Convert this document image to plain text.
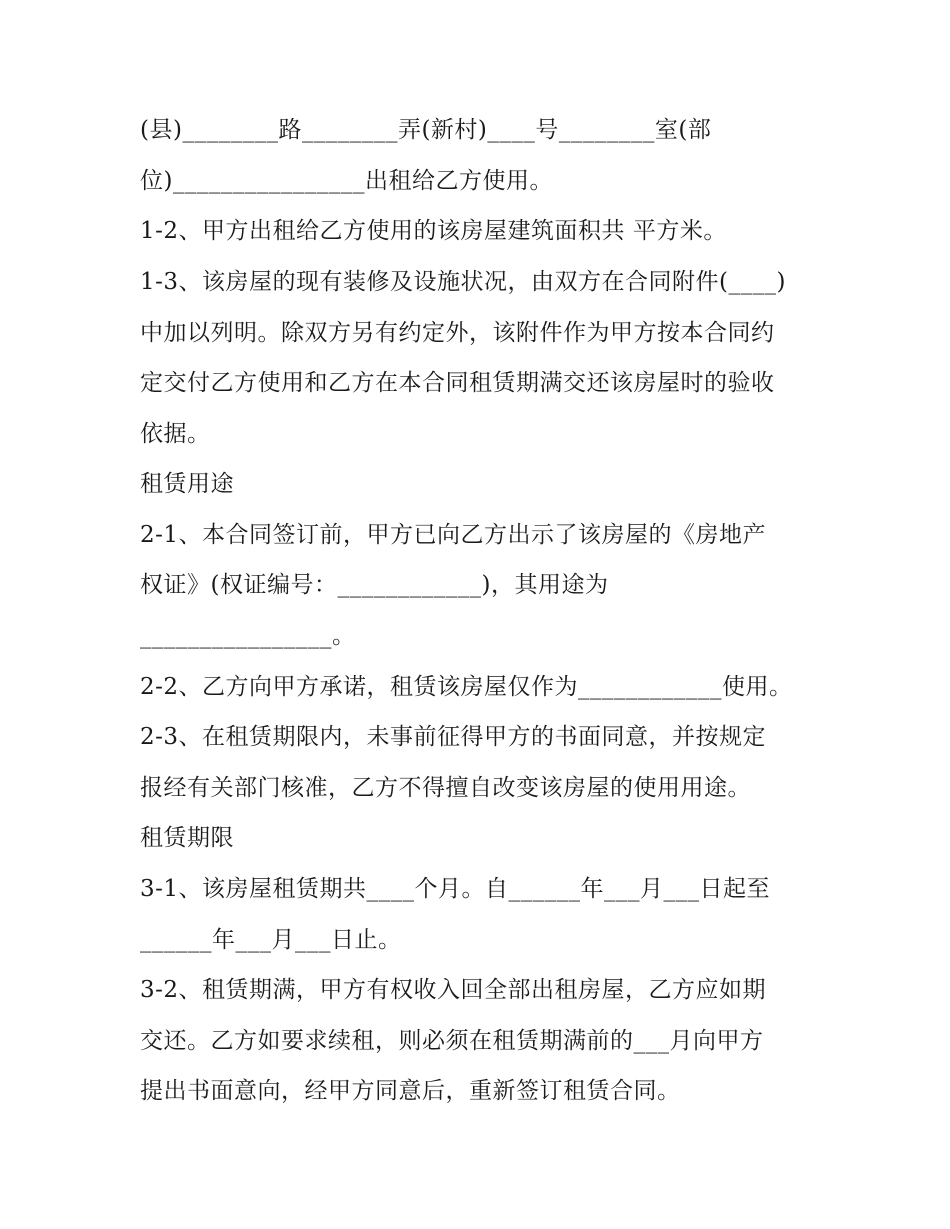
(县)________路________弄(新村)____号________室(部
位)________________出租给乙方使用。
1-2、甲方出租给乙方使用的该房屋建筑面积共 平方米。
1-3、该房屋的现有装修及设施状况，由双方在合同附件(____)
中加以列明。除双方另有约定外，该附件作为甲方按本合同约
定交付乙方使用和乙方在本合同租赁期满交还该房屋时的验收
依据。
租赁用途
2-1、本合同签订前，甲方已向乙方出示了该房屋的《房地产
权证》(权证编号：____________)，其用途为
________________。
2-2、乙方向甲方承诺，租赁该房屋仅作为____________使用。
2-3、在租赁期限内，未事前征得甲方的书面同意，并按规定
报经有关部门核准，乙方不得擅自改变该房屋的使用用途。
租赁期限
3-1、该房屋租赁期共____个月。自______年___月___日起至
______年___月___日止。
3-2、租赁期满，甲方有权收入回全部出租房屋，乙方应如期
交还。乙方如要求续租，则必须在租赁期满前的___月向甲方
提出书面意向，经甲方同意后，重新签订租赁合同。
